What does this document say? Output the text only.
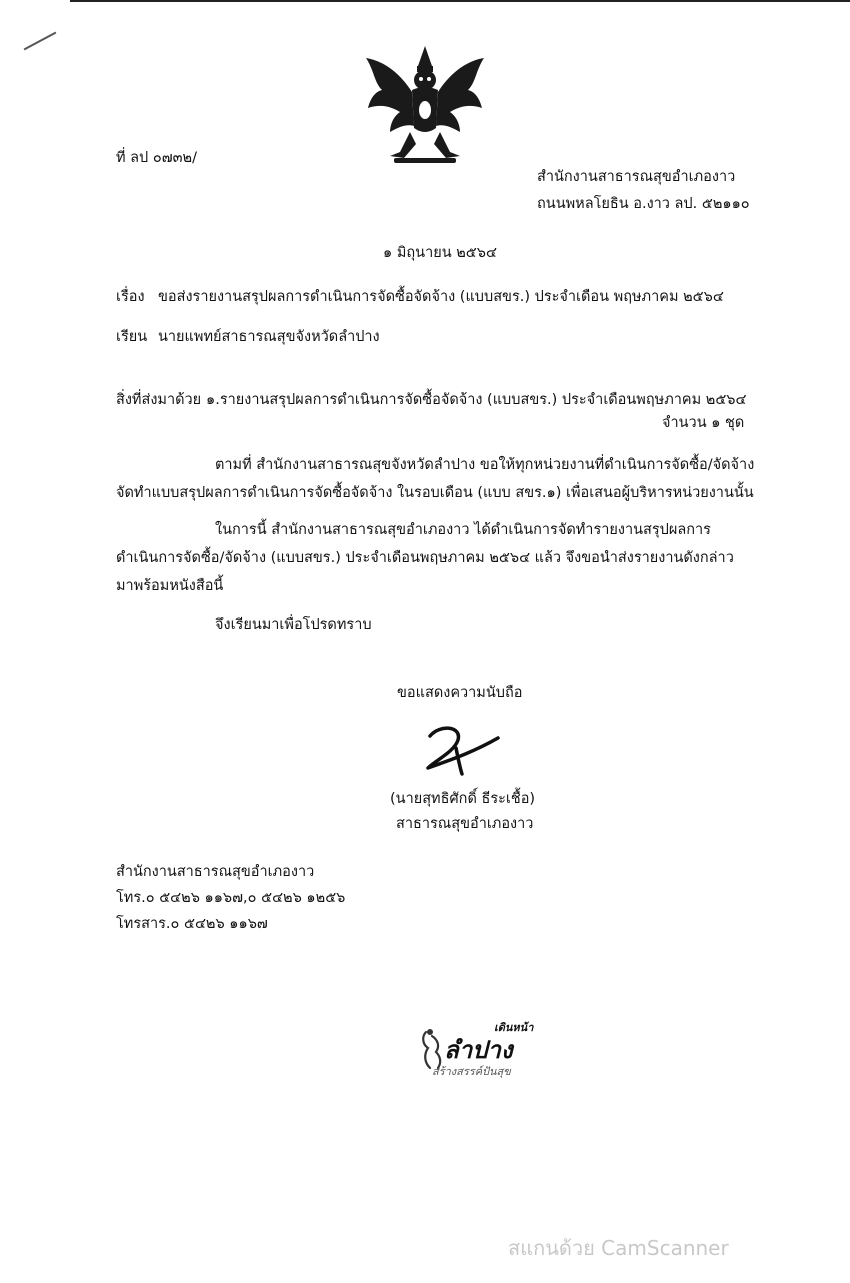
ที่ ลป ๐๗๓๒/
สำนักงานสาธารณสุขอำเภองาว
ถนนพหลโยธิน อ.งาว ลป. ๕๒๑๑๐
๑ มิถุนายน ๒๕๖๔
เรื่อง ขอส่งรายงานสรุปผลการดำเนินการจัดซื้อจัดจ้าง (แบบสขร.) ประจำเดือน พฤษภาคม ๒๕๖๔
เรียน นายแพทย์สาธารณสุขจังหวัดลำปาง
สิ่งที่ส่งมาด้วย ๑.รายงานสรุปผลการดำเนินการจัดซื้อจัดจ้าง (แบบสขร.) ประจำเดือนพฤษภาคม ๒๕๖๔
จำนวน ๑ ชุด
ตามที่ สำนักงานสาธารณสุขจังหวัดลำปาง ขอให้ทุกหน่วยงานที่ดำเนินการจัดซื้อ/จัดจ้าง
จัดทำแบบสรุปผลการดำเนินการจัดซื้อจัดจ้าง ในรอบเดือน (แบบ สขร.๑) เพื่อเสนอผู้บริหารหน่วยงานนั้น
ในการนี้ สำนักงานสาธารณสุขอำเภองาว ได้ดำเนินการจัดทำรายงานสรุปผลการ
ดำเนินการจัดซื้อ/จัดจ้าง (แบบสขร.) ประจำเดือนพฤษภาคม ๒๕๖๔ แล้ว จึงขอนำส่งรายงานดังกล่าว
มาพร้อมหนังสือนี้
จึงเรียนมาเพื่อโปรดทราบ
ขอแสดงความนับถือ
(นายสุทธิศักดิ์ ธีระเชื้อ)
สาธารณสุขอำเภองาว
สำนักงานสาธารณสุขอำเภองาว
โทร.๐ ๕๔๒๖ ๑๑๖๗,๐ ๕๔๒๖ ๑๒๕๖
โทรสาร.๐ ๕๔๒๖ ๑๑๖๗
เดินหน้า
ลำปาง
สร้างสรรค์ปันสุข
สแกนด้วย CamScanner
